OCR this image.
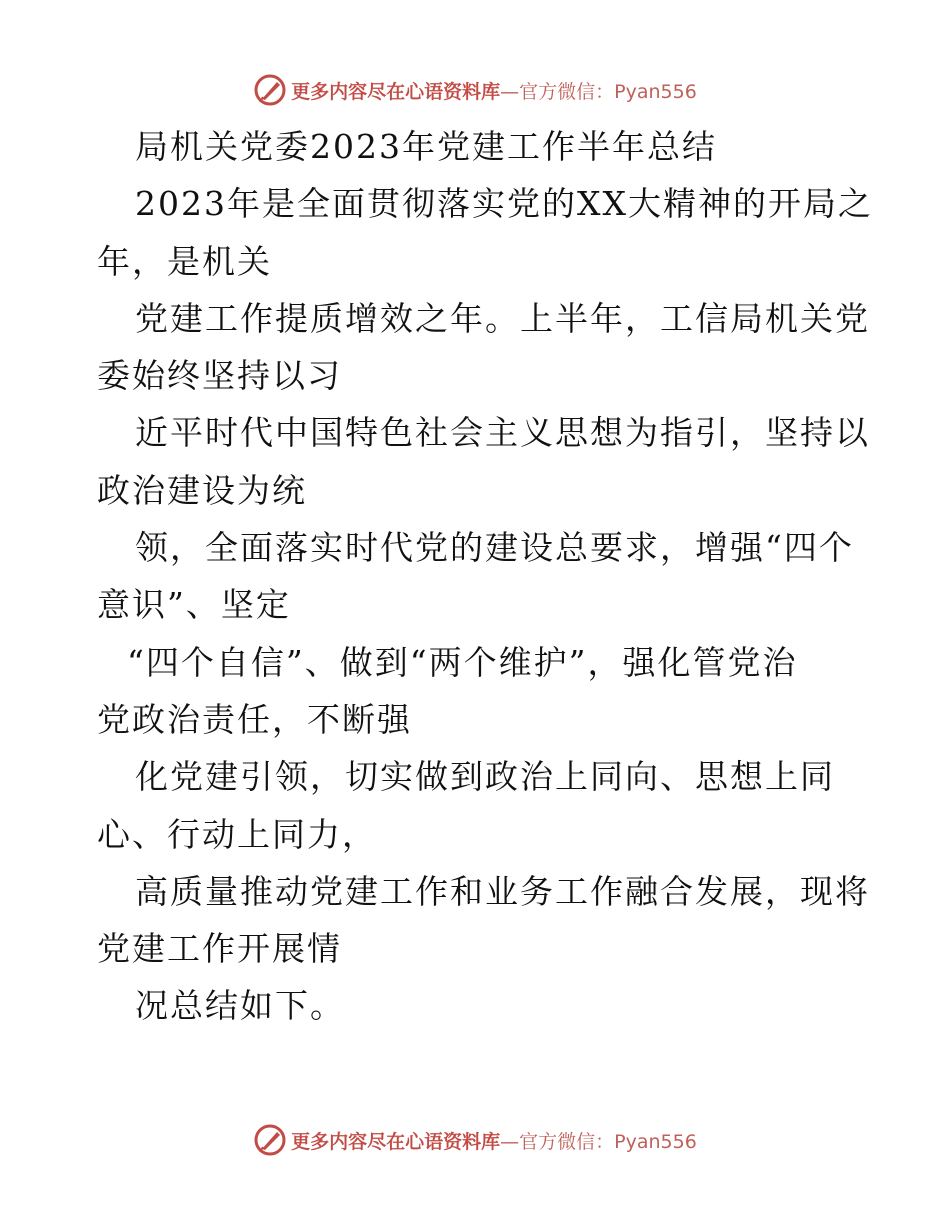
更多内容尽在心语资料库—官方微信：Pyan556
局机关党委2023年党建工作半年总结
2023年是全面贯彻落实党的XX大精神的开局之
年，是机关
党建工作提质增效之年。上半年，工信局机关党
委始终坚持以习
近平时代中国特色社会主义思想为指引，坚持以
政治建设为统
领，全面落实时代党的建设总要求，增强“四个
意识”、坚定
“四个自信”、做到“两个维护”，强化管党治
党政治责任，不断强
化党建引领，切实做到政治上同向、思想上同
心、行动上同力，
高质量推动党建工作和业务工作融合发展，现将
党建工作开展情
况总结如下。
更多内容尽在心语资料库—官方微信：Pyan556
